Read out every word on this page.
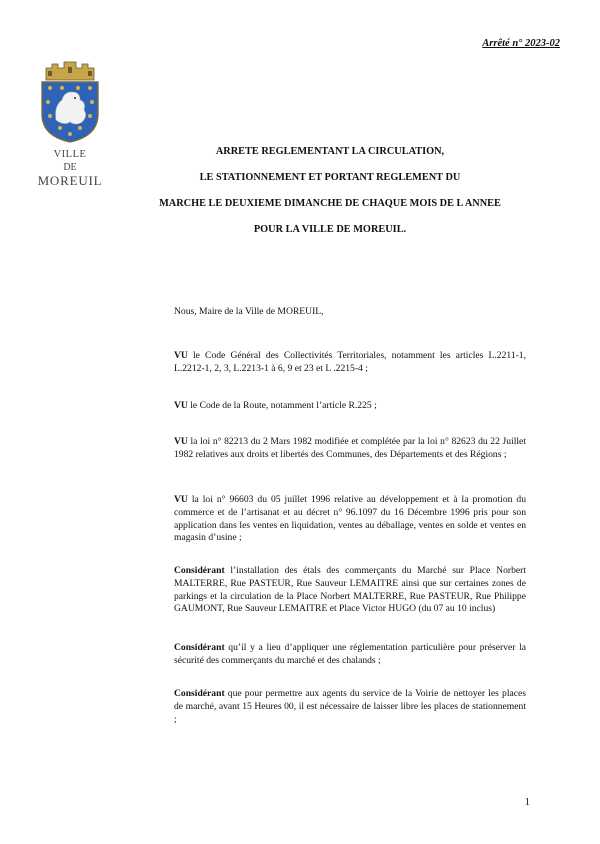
Arrêté n° 2023-02
VILLE
DE
MOREUIL
ARRETE REGLEMENTANT LA CIRCULATION,
LE STATIONNEMENT ET PORTANT REGLEMENT DU
MARCHE LE DEUXIEME DIMANCHE DE CHAQUE MOIS DE L ANNEE
POUR LA VILLE DE MOREUIL.
Nous, Maire de la Ville de MOREUIL,
VU le Code Général des Collectivités Territoriales, notamment les articles L.2211-1, L.2212-1, 2, 3, L.2213-1 à 6, 9 et 23 et L .2215-4 ;
VU le Code de la Route, notamment l’article R.225 ;
VU la loi n° 82213 du 2 Mars 1982 modifiée et complétée par la loi n° 82623 du 22 Juillet 1982 relatives aux droits et libertés des Communes, des Départements et des Régions ;
VU la loi n° 96603 du 05 juillet 1996 relative au développement et à la promotion du commerce et de l’artisanat et au décret n° 96.1097 du 16 Décembre 1996 pris pour son application dans les ventes en liquidation, ventes au déballage, ventes en solde et ventes en magasin d’usine ;
Considérant l’installation des étals des commerçants du Marché sur Place Norbert MALTERRE, Rue PASTEUR, Rue Sauveur LEMAITRE ainsi que sur certaines zones de parkings et la circulation de la Place Norbert MALTERRE, Rue PASTEUR, Rue Philippe GAUMONT, Rue Sauveur LEMAITRE et Place Victor HUGO (du 07 au 10 inclus)
Considérant qu’il y a lieu d’appliquer une réglementation particulière pour préserver la sécurité des commerçants du marché et des chalands ;
Considérant que pour permettre aux agents du service de la Voirie de nettoyer les places de marché, avant 15 Heures 00, il est nécessaire de laisser libre les places de stationnement ;
1
